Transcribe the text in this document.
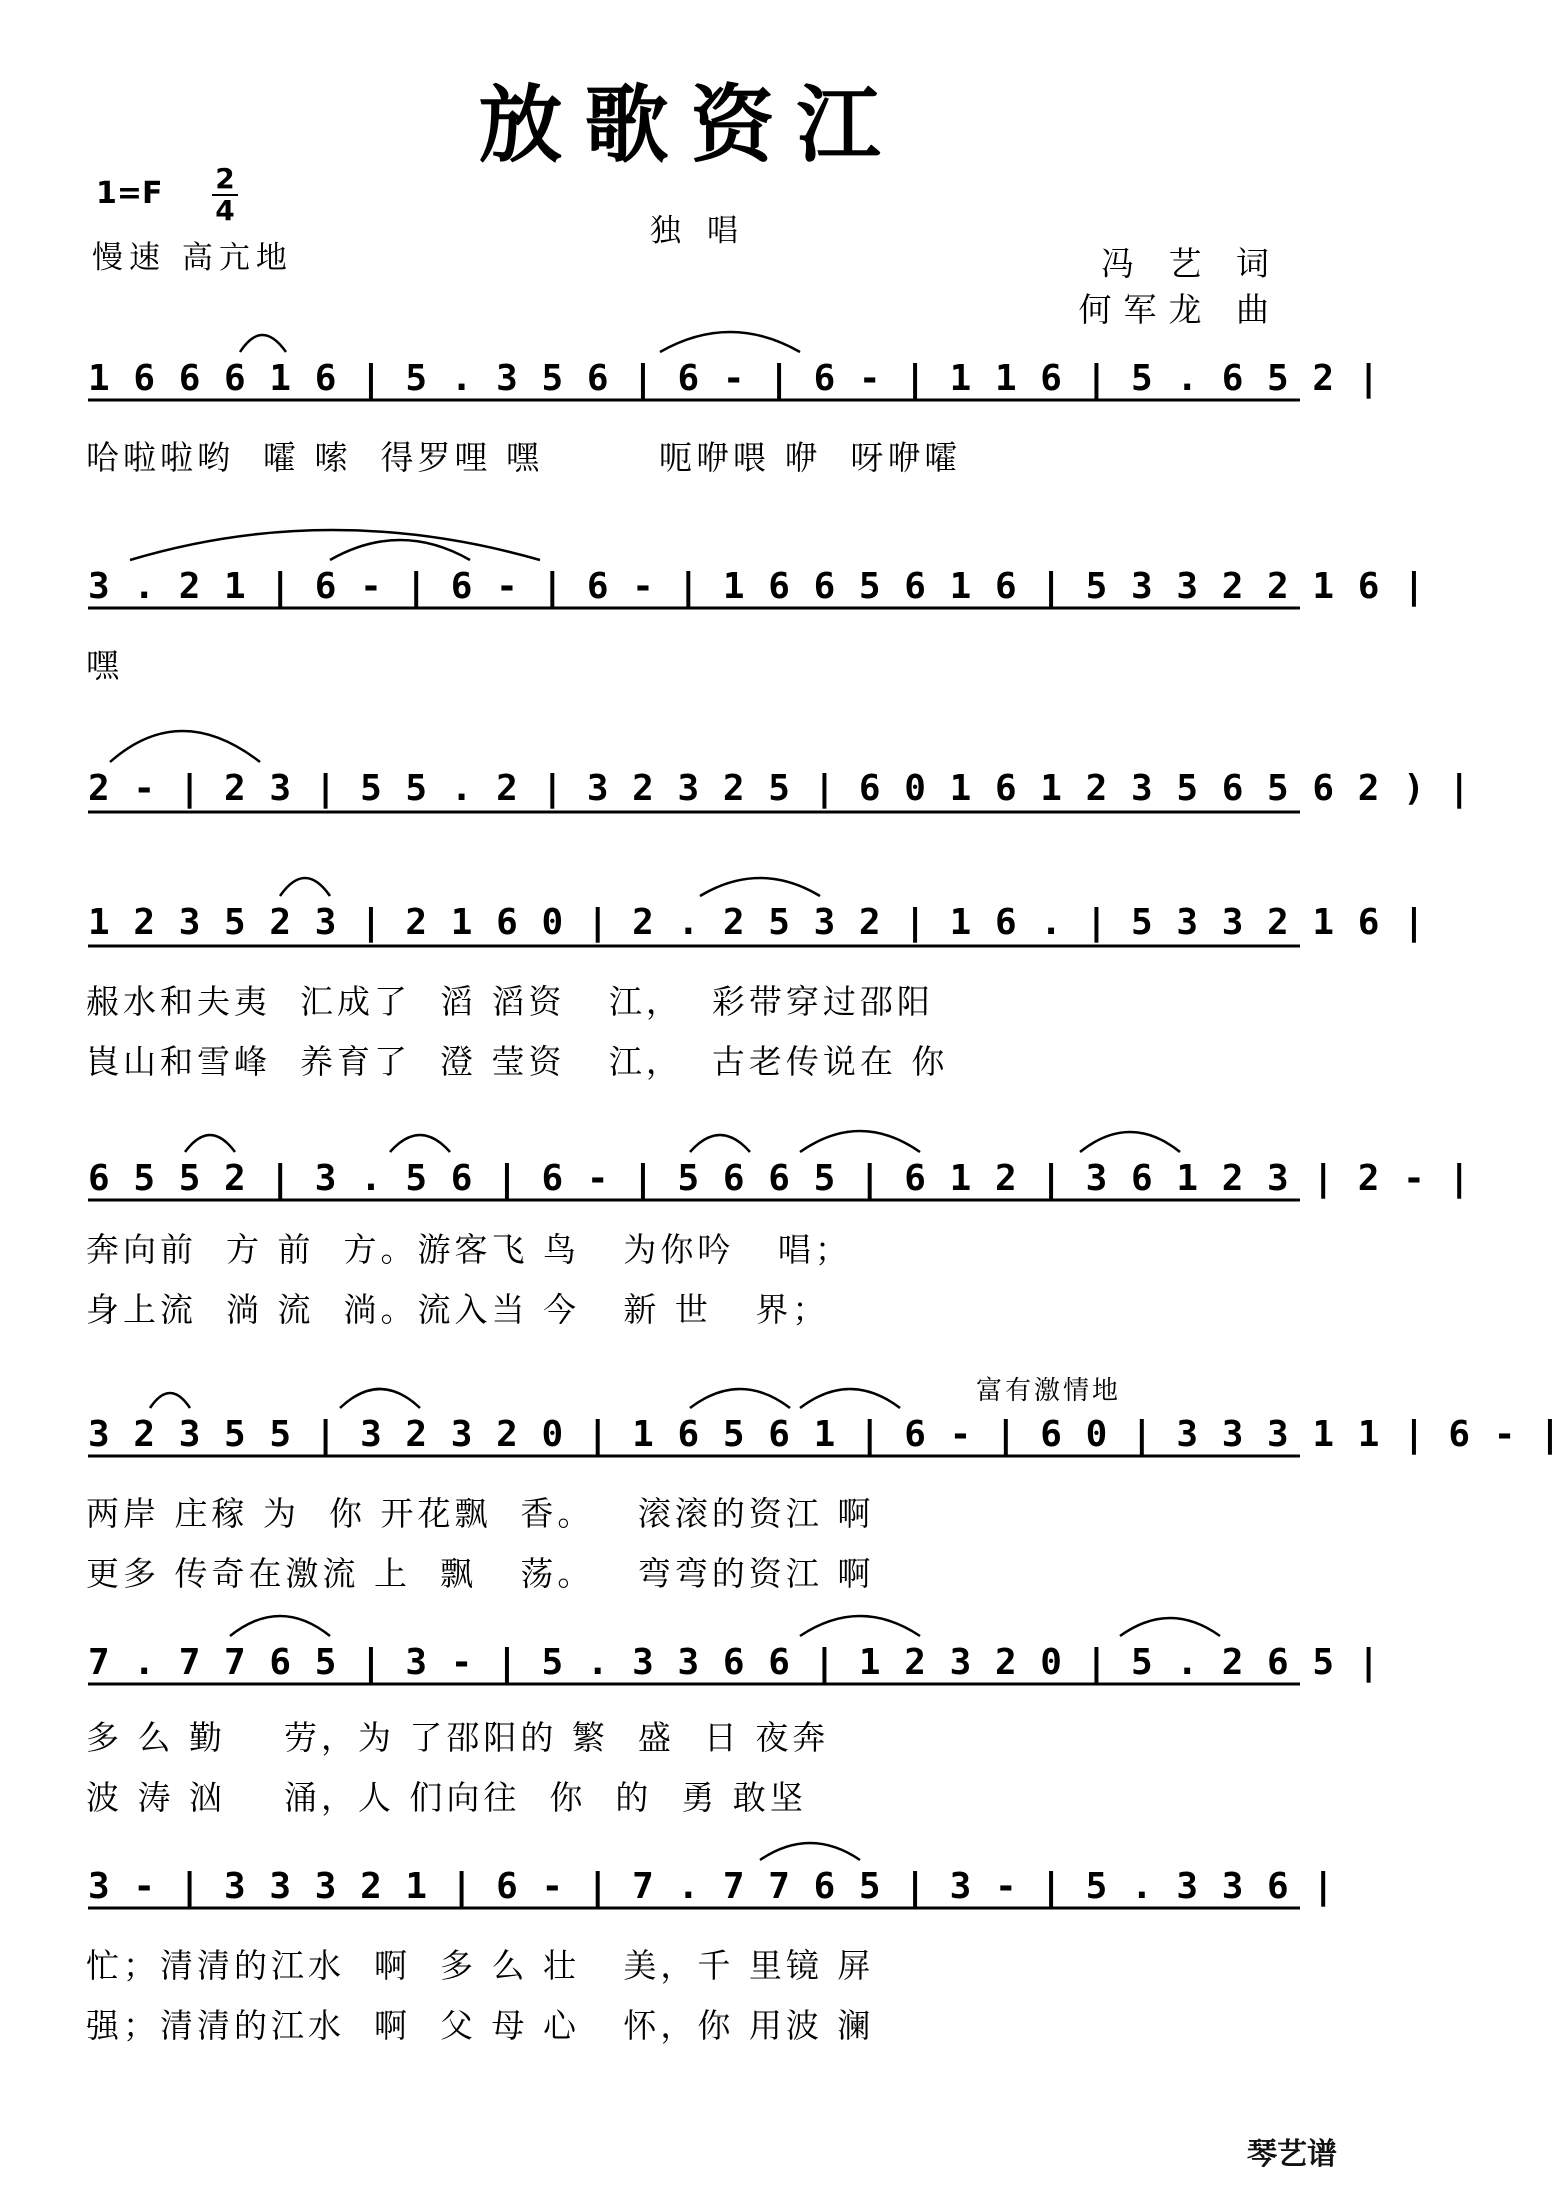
放歌资江
1=F 2
4
慢速 高亢地
独唱
冯 艺 词
何军龙 曲
1 6 6 6 1 6 | 5 . 3 5 6 | 6 - | 6 - | 1 1 6 | 5 . 6 5 2 |
哈啦啦哟  嚯 嗦  得罗哩 嘿        呃咿喂 咿  呀咿嚯
3 . 2 1 | 6 - | 6 - | 6 - | 1 6 6 5 6 1 6 | 5 3 3 2 2 1 6 |
嘿
2 - | 2 3 | 5 5 . 2 | 3 2 3 2 5 | 6 0 1 6 1 2 3 5 6 5 6 2 ) |
1 2 3 5 2 3 | 2 1 6 0 | 2 . 2 5 3 2 | 1 6 . | 5 3 3 2 1 6 |
赧水和夫夷  汇成了  滔 滔资   江，  彩带穿过邵阳
崀山和雪峰  养育了  澄 莹资   江，  古老传说在 你
6 5 5 2 | 3 . 5 6 | 6 - | 5 6 6 5 | 6 1 2 | 3 6 1 2 3 | 2 - |
奔向前  方 前  方。游客飞 鸟   为你吟   唱；
身上流  淌 流  淌。流入当 今   新 世   界；
富有激情地
3 2 3 5 5 | 3 2 3 2 0 | 1 6 5 6 1 | 6 - | 6 0 | 3 3 3 1 1 | 6 - |
两岸 庄稼 为  你 开花飘  香。   滚滚的资江 啊
更多 传奇在激流 上  飘   荡。   弯弯的资江 啊
7 . 7 7 6 5 | 3 - | 5 . 3 3 6 6 | 1 2 3 2 0 | 5 . 2 6 5 |
多 么 勤    劳，为 了邵阳的 繁  盛  日 夜奔
波 涛 汹    涌，人 们向往  你  的  勇 敢坚
3 - | 3 3 3 2 1 | 6 - | 7 . 7 7 6 5 | 3 - | 5 . 3 3 6 |
忙；清清的江水  啊  多 么 壮   美，千 里镜 屏
强；清清的江水  啊  父 母 心   怀，你 用波 澜
琴艺谱
